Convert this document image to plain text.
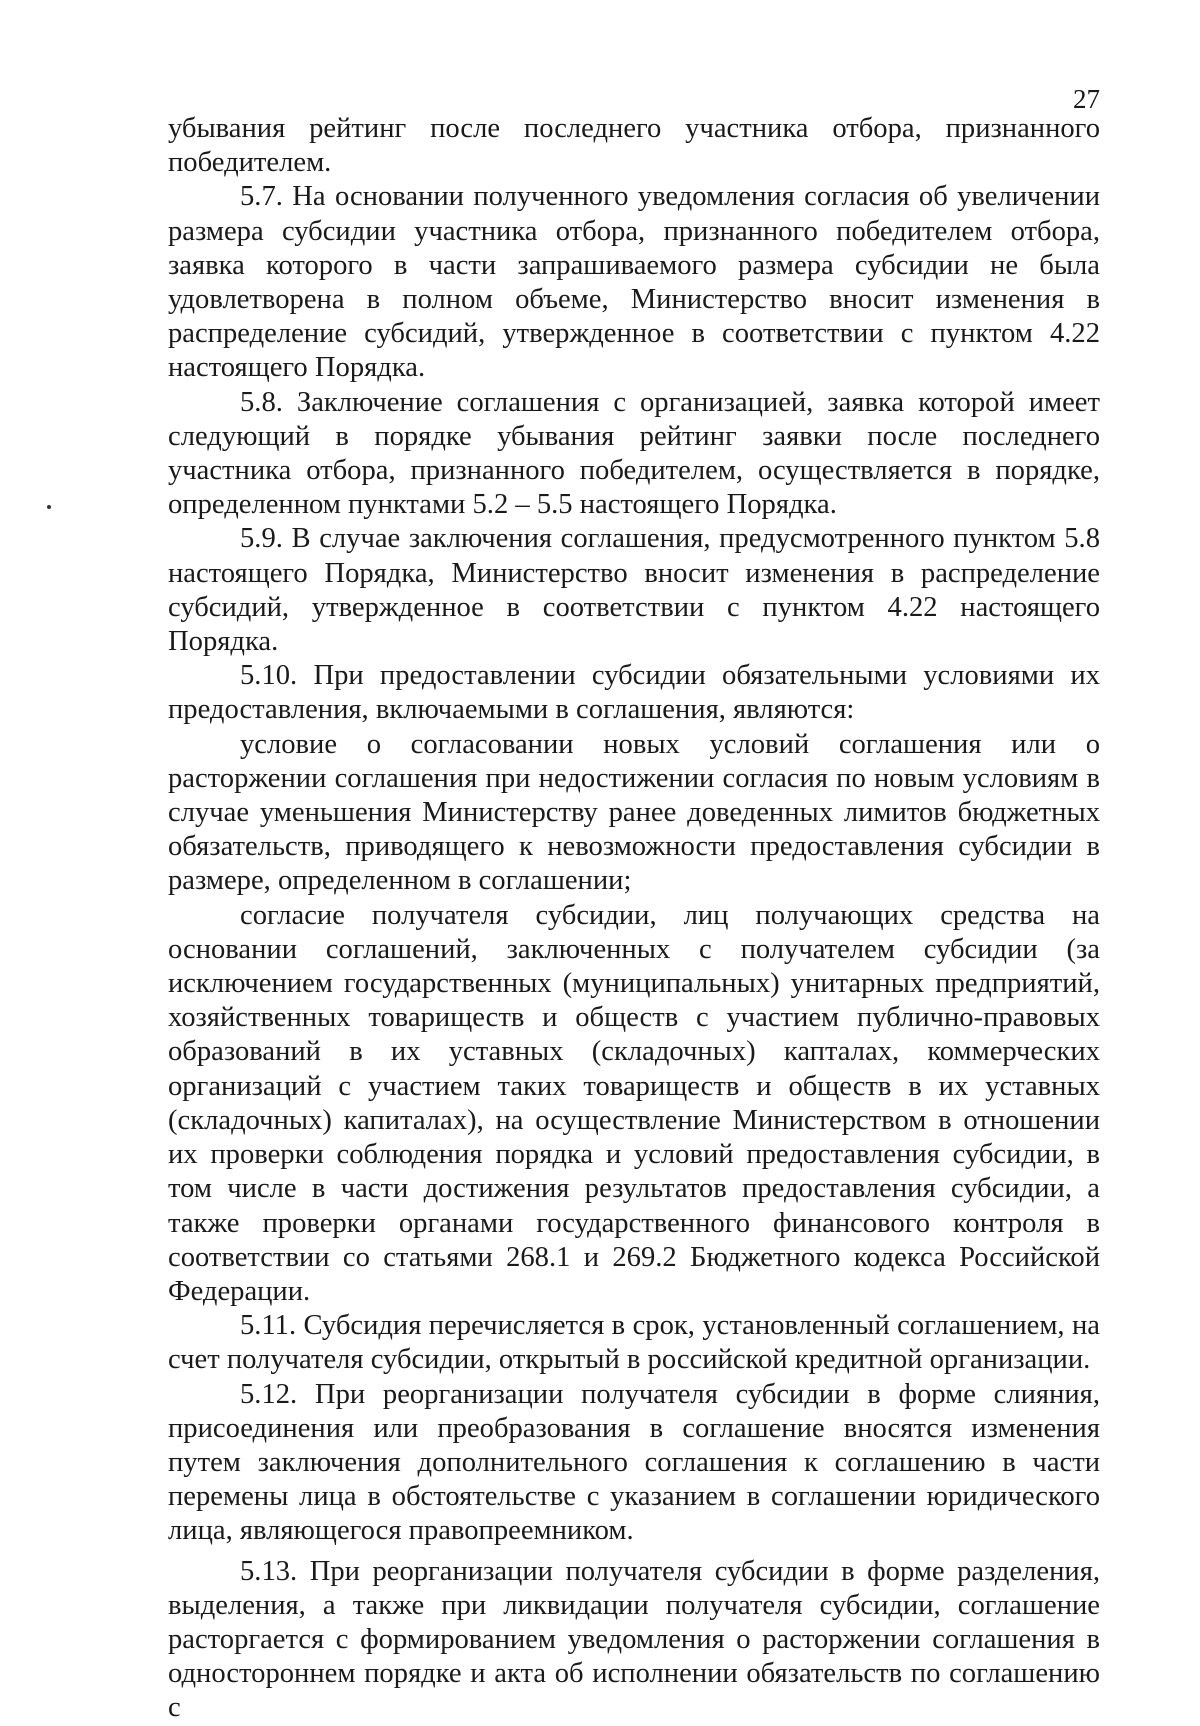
27

убывания рейтинг после последнего участника отбора, признанного победителем.

5.7. На основании полученного уведомления согласия об увеличении размера субсидии участника отбора, признанного победителем отбора, заявка которого в части запрашиваемого размера субсидии не была удовлетворена в полном объеме, Министерство вносит изменения в распределение субсидий, утвержденное в соответствии с пунктом 4.22 настоящего Порядка.

5.8. Заключение соглашения с организацией, заявка которой имеет следующий в порядке убывания рейтинг заявки после последнего участника отбора, признанного победителем, осуществляется в порядке, определенном пунктами 5.2 – 5.5 настоящего Порядка.

5.9. В случае заключения соглашения, предусмотренного пунктом 5.8 настоящего Порядка, Министерство вносит изменения в распределение субсидий, утвержденное в соответствии с пунктом 4.22 настоящего Порядка.

5.10. При предоставлении субсидии обязательными условиями их предоставления, включаемыми в соглашения, являются:

условие о согласовании новых условий соглашения или о расторжении соглашения при недостижении согласия по новым условиям в случае уменьшения Министерству ранее доведенных лимитов бюджетных обязательств, приводящего к невозможности предоставления субсидии в размере, определенном в соглашении;

согласие получателя субсидии, лиц получающих средства на основании соглашений, заключенных с получателем субсидии (за исключением государственных (муниципальных) унитарных предприятий, хозяйственных товариществ и обществ с участием публично-правовых образований в их уставных (складочных) капталах, коммерческих организаций с участием таких товариществ и обществ в их уставных (складочных) капиталах), на осуществление Министерством в отношении их проверки соблюдения порядка и условий предоставления субсидии, в том числе в части достижения результатов предоставления субсидии, а также проверки органами государственного финансового контроля в соответствии со статьями 268.1 и 269.2 Бюджетного кодекса Российской Федерации.

5.11. Субсидия перечисляется в срок, установленный соглашением, на счет получателя субсидии, открытый в российской кредитной организации.

5.12. При реорганизации получателя субсидии в форме слияния, присоединения или преобразования в соглашение вносятся изменения путем заключения дополнительного соглашения к соглашению в части перемены лица в обстоятельстве с указанием в соглашении юридического лица, являющегося правопреемником.

5.13. При реорганизации получателя субсидии в форме разделения, выделения, а также при ликвидации получателя субсидии, соглашение расторгается с формированием уведомления о расторжении соглашения в одностороннем порядке и акта об исполнении обязательств по соглашению с
